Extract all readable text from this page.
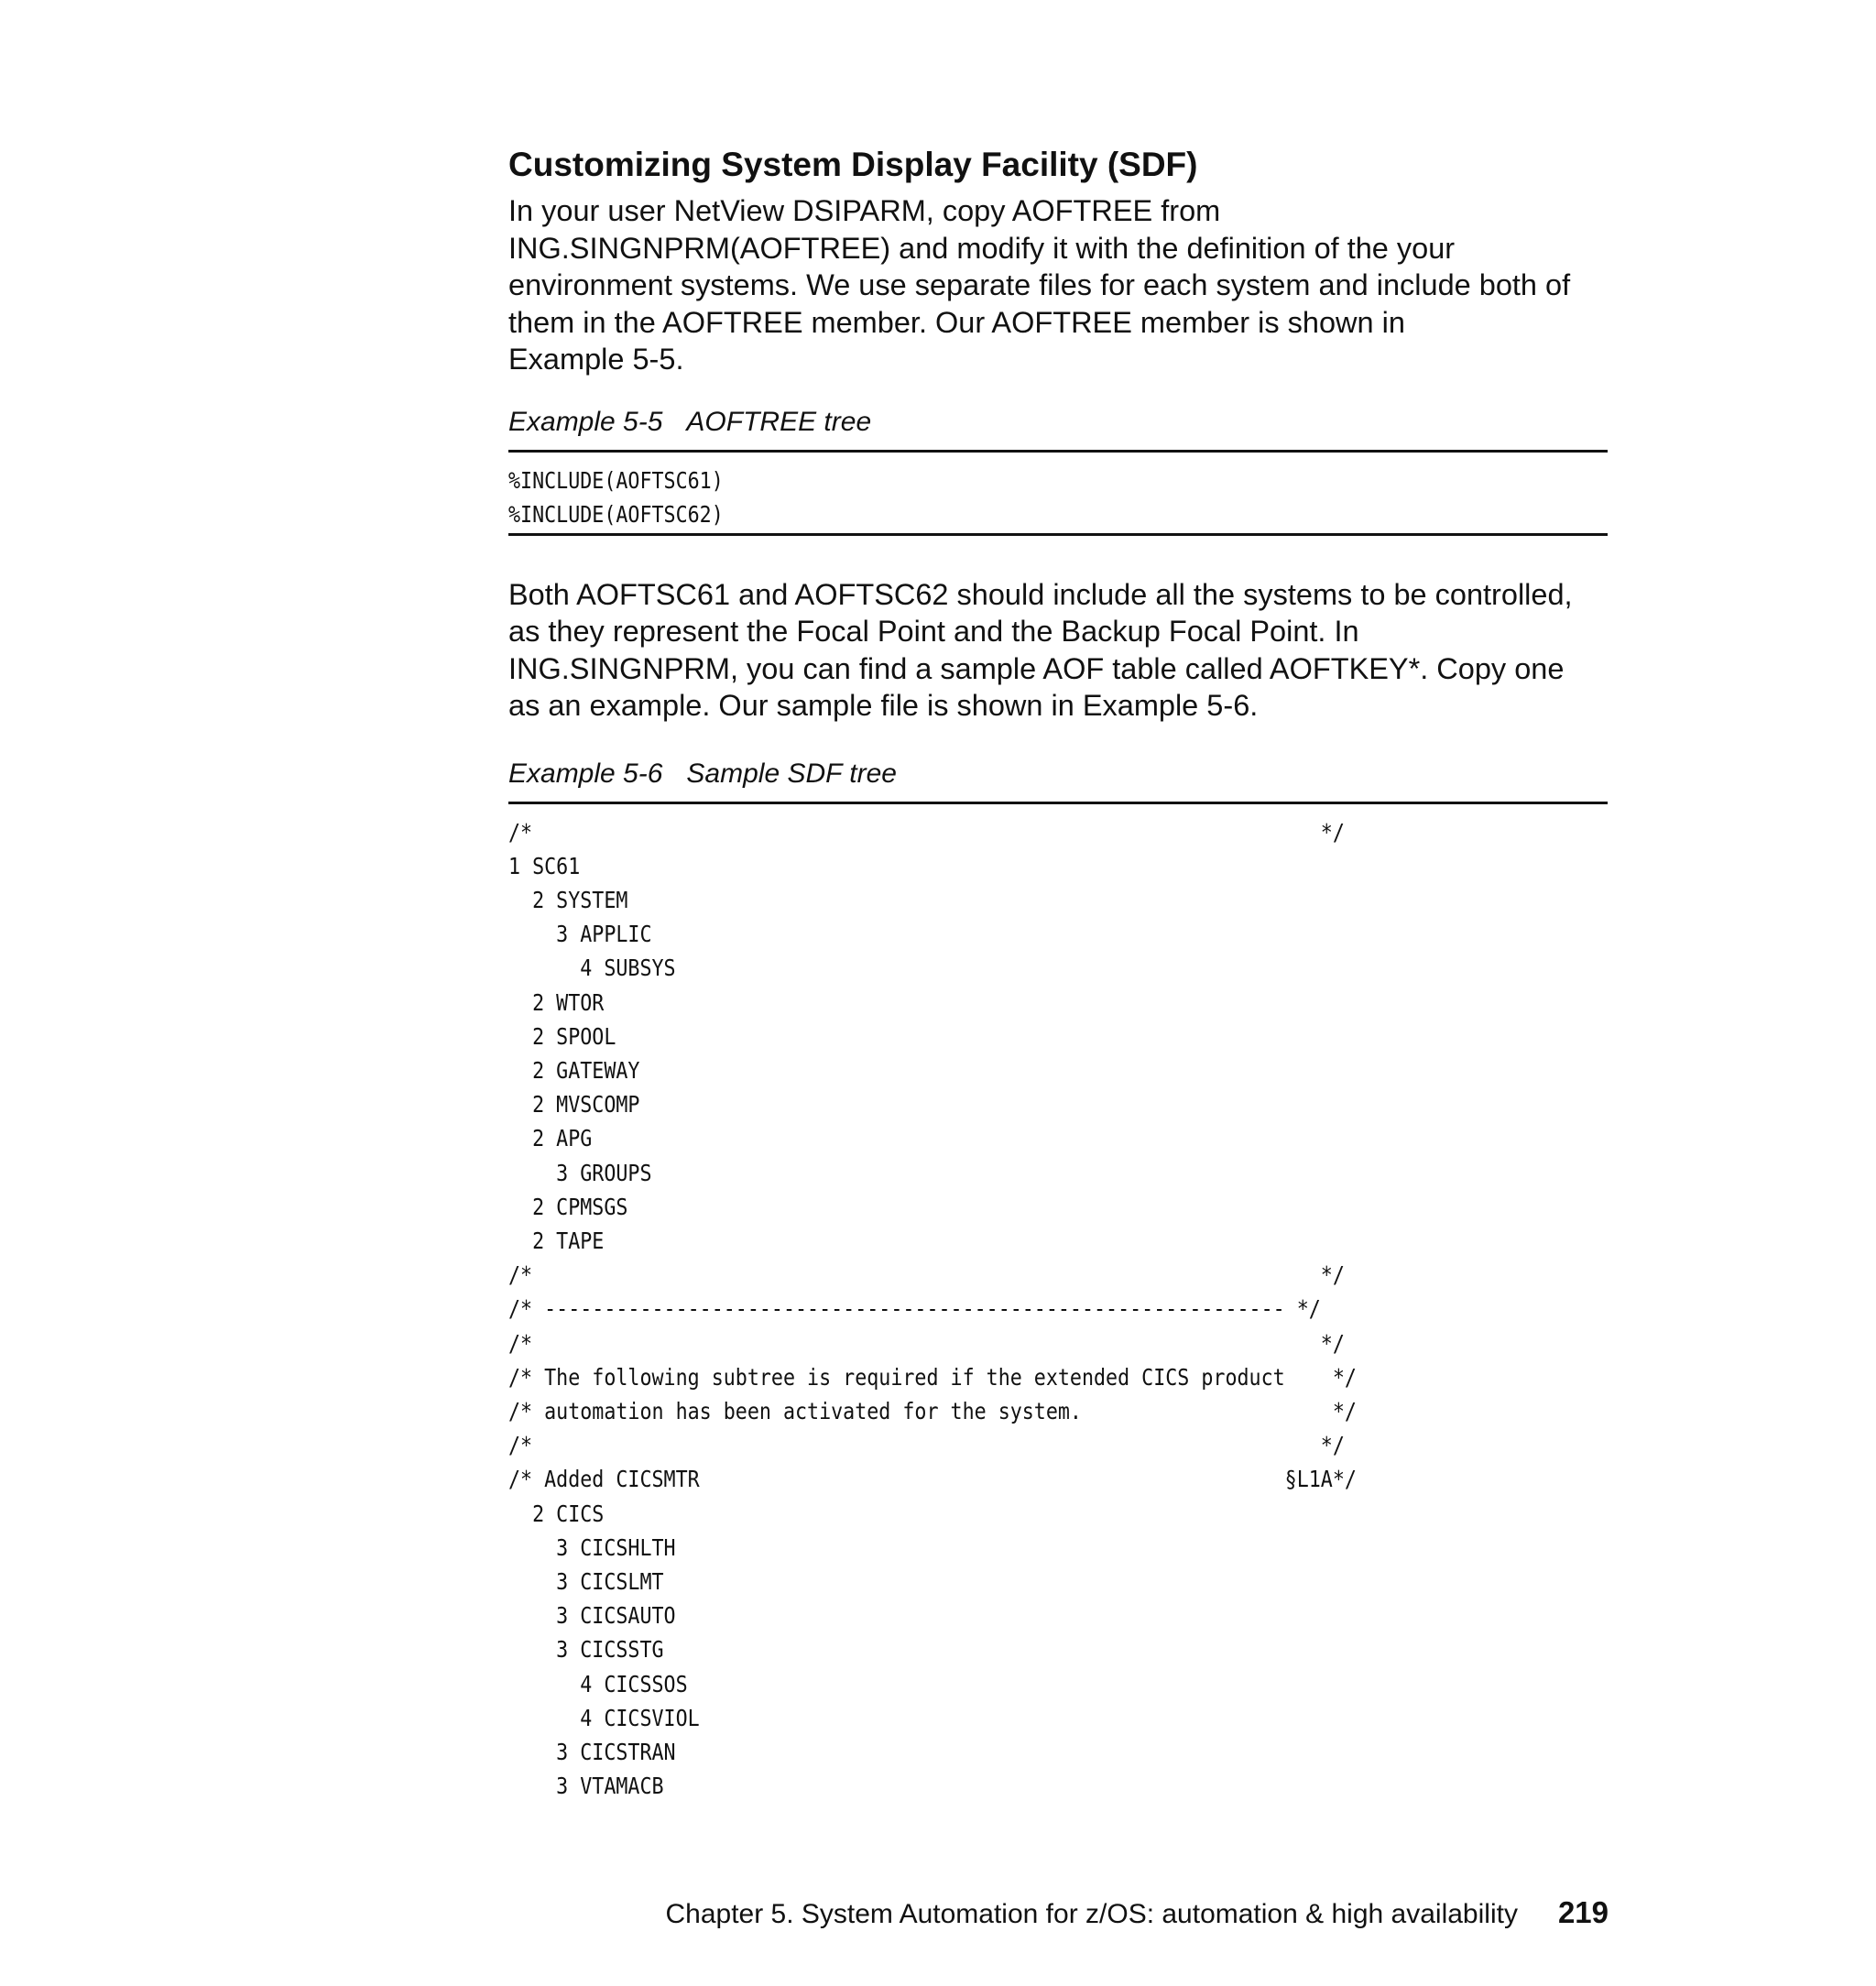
Customizing System Display Facility (SDF)
In your user NetView DSIPARM, copy AOFTREE from
ING.SINGNPRM(AOFTREE) and modify it with the definition of the your
environment systems. We use separate files for each system and include both of
them in the AOFTREE member. Our AOFTREE member is shown in
Example 5-5.
Example 5-5 AOFTREE tree
%INCLUDE(AOFTSC61)
%INCLUDE(AOFTSC62)
Both AOFTSC61 and AOFTSC62 should include all the systems to be controlled,
as they represent the Focal Point and the Backup Focal Point. In
ING.SINGNPRM, you can find a sample AOF table called AOFTKEY*. Copy one
as an example. Our sample file is shown in Example 5-6.
Example 5-6 Sample SDF tree
/*                                                                  */
1 SC61
2 SYSTEM
3 APPLIC
4 SUBSYS
2 WTOR
2 SPOOL
2 GATEWAY
2 MVSCOMP
2 APG
3 GROUPS
2 CPMSGS
2 TAPE
/*                                                                  */
/* -------------------------------------------------------------- */
/*                                                                  */
/* The following subtree is required if the extended CICS product    */
/* automation has been activated for the system.                     */
/*                                                                  */
/* Added CICSMTR                                                 §L1A*/
2 CICS
3 CICSHLTH
3 CICSLMT
3 CICSAUTO
3 CICSSTG
4 CICSSOS
4 CICSVIOL
3 CICSTRAN
3 VTAMACB
Chapter 5. System Automation for z/OS: automation & high availability 219
